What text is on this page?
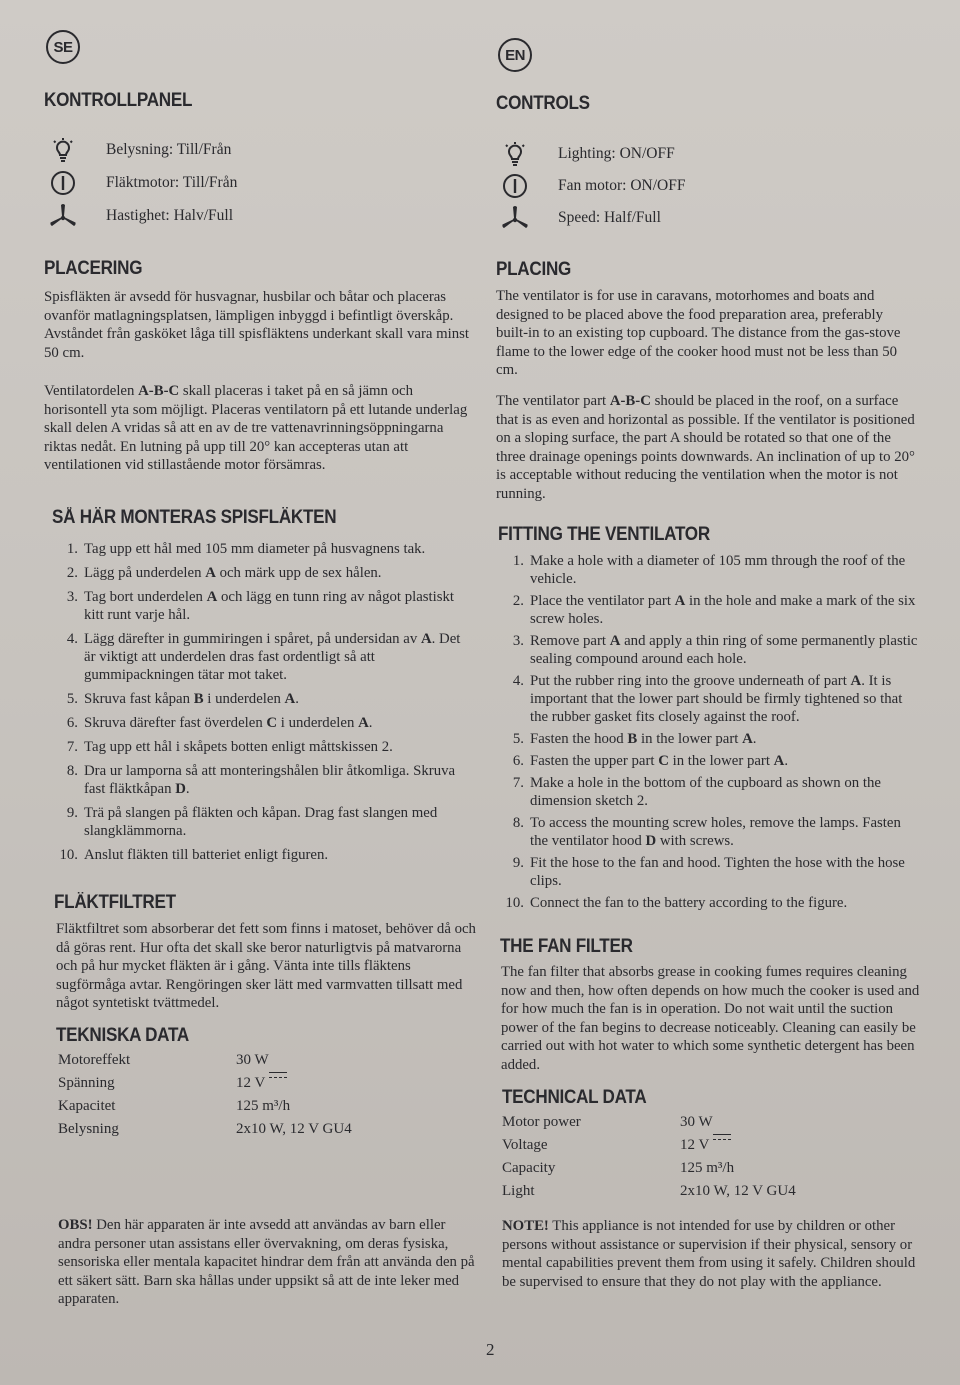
SE
KONTROLLPANEL
Belysning: Till/Från
Fläktmotor: Till/Från
Hastighet: Halv/Full
PLACERING

Spisfläkten är avsedd för husvagnar, husbilar och båtar och placeras ovanför matlagningsplatsen, lämpligen inbyggd i befintligt överskåp. Avståndet från gasköket låga till spisfläktens underkant skall vara minst 50 cm.

Ventilatordelen A-B-C skall placeras i taket på en så jämn och horisontell yta som möjligt. Placeras ventilatorn på ett lutande underlag skall delen A vridas så att en av de tre vattenavrinningsöppningarna riktas nedåt. En lutning på upp till 20° kan accepteras utan att ventilationen vid stillastående motor försämras.

SÅ HÄR MONTERAS SPISFLÄKTEN
1. Tag upp ett hål med 105 mm diameter på husvagnens tak.
2. Lägg på underdelen A och märk upp de sex hålen.
3. Tag bort underdelen A och lägg en tunn ring av något plastiskt kitt runt varje hål.
4. Lägg därefter in gummiringen i spåret, på undersidan av A. Det är viktigt att underdelen dras fast ordentligt så att gummipackningen tätar mot taket.
5. Skruva fast kåpan B i underdelen A.
6. Skruva därefter fast överdelen C i underdelen A.
7. Tag upp ett hål i skåpets botten enligt måttskissen 2.
8. Dra ur lamporna så att monteringshålen blir åtkomliga. Skruva fast fläktkåpan D.
9. Trä på slangen på fläkten och kåpan. Drag fast slangen med slangklämmorna.
10. Anslut fläkten till batteriet enligt figuren.
FLÄKTFILTRET

Fläktfiltret som absorberar det fett som finns i matoset, behöver då och då göras rent. Hur ofta det skall ske beror naturligtvis på matvarorna och på hur mycket fläkten är i gång. Vänta inte tills fläktens sugförmåga avtar. Rengöringen sker lätt med varmvatten tillsatt med något syntetiskt tvättmedel.

TEKNISKA DATA
Motoreffekt	30 W
Spänning	12 V
Kapacitet	125 m³/h
Belysning	2x10 W, 12 V GU4

OBS! Den här apparaten är inte avsedd att användas av barn eller andra personer utan assistans eller övervakning, om deras fysiska, sensoriska eller mentala kapacitet hindrar dem från att använda den på ett säkert sätt. Barn ska hållas under uppsikt så att de inte leker med apparaten.

EN
CONTROLS
Lighting: ON/OFF
Fan motor: ON/OFF
Speed: Half/Full
PLACING

The ventilator is for use in caravans, motorhomes and boats and designed to be placed above the food preparation area, preferably built-in to an existing top cupboard. The distance from the gas-stove flame to the lower edge of the cooker hood must not be less than 50 cm.

The ventilator part A-B-C should be placed in the roof, on a surface that is as even and horizontal as possible. If the ventilator is positioned on a sloping surface, the part A should be rotated so that one of the three drainage openings points downwards. An inclination of up to 20° is acceptable without reducing the ventilation when the motor is not running.

FITTING THE VENTILATOR
1. Make a hole with a diameter of 105 mm through the roof of the vehicle.
2. Place the ventilator part A in the hole and make a mark of the six screw holes.
3. Remove part A and apply a thin ring of some permanently plastic sealing compound around each hole.
4. Put the rubber ring into the groove underneath of part A. It is important that the lower part should be firmly tightened so that the rubber gasket fits closely against the roof.
5. Fasten the hood B in the lower part A.
6. Fasten the upper part C in the lower part A.
7. Make a hole in the bottom of the cupboard as shown on the dimension sketch 2.
8. To access the mounting screw holes, remove the lamps. Fasten the ventilator hood D with screws.
9. Fit the hose to the fan and hood. Tighten the hose with the hose clips.
10. Connect the fan to the battery according to the figure.
THE FAN FILTER

The fan filter that absorbs grease in cooking fumes requires cleaning now and then, how often depends on how much the cooker is used and for how much the fan is in operation. Do not wait until the suction power of the fan begins to decrease noticeably. Cleaning can easily be carried out with hot water to which some synthetic detergent has been added.

TECHNICAL DATA
Motor power	30 W
Voltage	12 V
Capacity	125 m³/h
Light	2x10 W, 12 V GU4

NOTE! This appliance is not intended for use by children or other persons without assistance or supervision if their physical, sensory or mental capabilities prevent them from using it safely. Children should be supervised to ensure that they do not play with the appliance.

2
